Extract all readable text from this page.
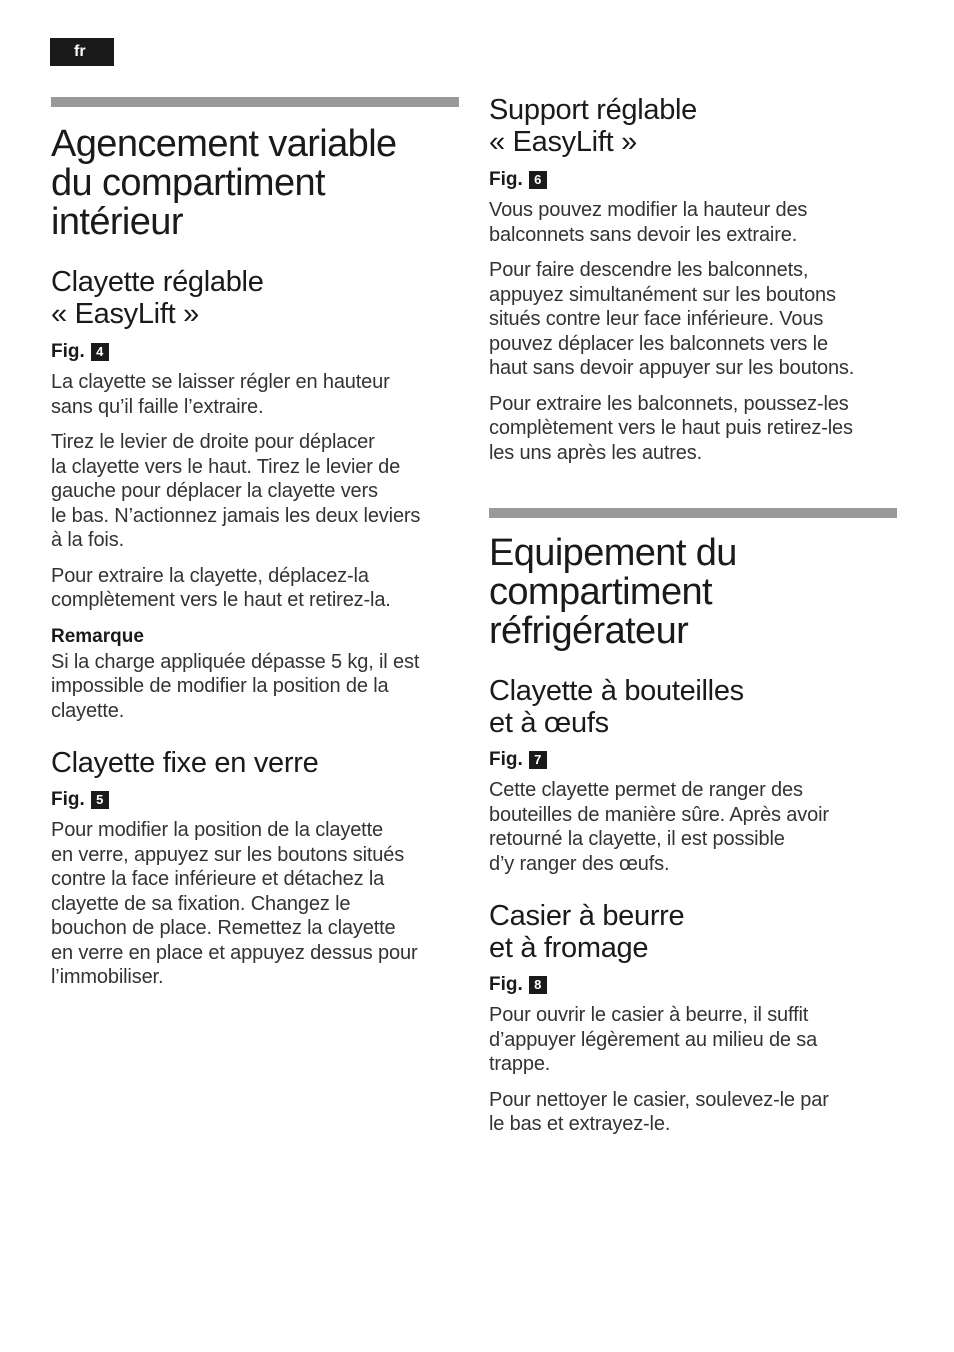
fr
Agencement variable
du compartiment
intérieur
Clayette réglable
« EasyLift »
Fig. 4

La clayette se laisser régler en hauteur
sans qu’il faille l’extraire.

Tirez le levier de droite pour déplacer
la clayette vers le haut. Tirez le levier de
gauche pour déplacer la clayette vers
le bas. N’actionnez jamais les deux leviers
à la fois.

Pour extraire la clayette, déplacez-la
complètement vers le haut et retirez-la.

Remarque

Si la charge appliquée dépasse 5 kg, il est
impossible de modifier la position de la
clayette.

Clayette fixe en verre
Fig. 5

Pour modifier la position de la clayette
en verre, appuyez sur les boutons situés
contre la face inférieure et détachez la
clayette de sa fixation. Changez le
bouchon de place. Remettez la clayette
en verre en place et appuyez dessus pour
l’immobiliser.

Support réglable
« EasyLift »
Fig. 6

Vous pouvez modifier la hauteur des
balconnets sans devoir les extraire.

Pour faire descendre les balconnets,
appuyez simultanément sur les boutons
situés contre leur face inférieure. Vous
pouvez déplacer les balconnets vers le
haut sans devoir appuyer sur les boutons.

Pour extraire les balconnets, poussez-les
complètement vers le haut puis retirez-les
les uns après les autres.

Equipement du
compartiment
réfrigérateur
Clayette à bouteilles
et à œufs
Fig. 7

Cette clayette permet de ranger des
bouteilles de manière sûre. Après avoir
retourné la clayette, il est possible
d’y ranger des œufs.

Casier à beurre
et à fromage
Fig. 8

Pour ouvrir le casier à beurre, il suffit
d’appuyer légèrement au milieu de sa
trappe.

Pour nettoyer le casier, soulevez-le par
le bas et extrayez-le.
